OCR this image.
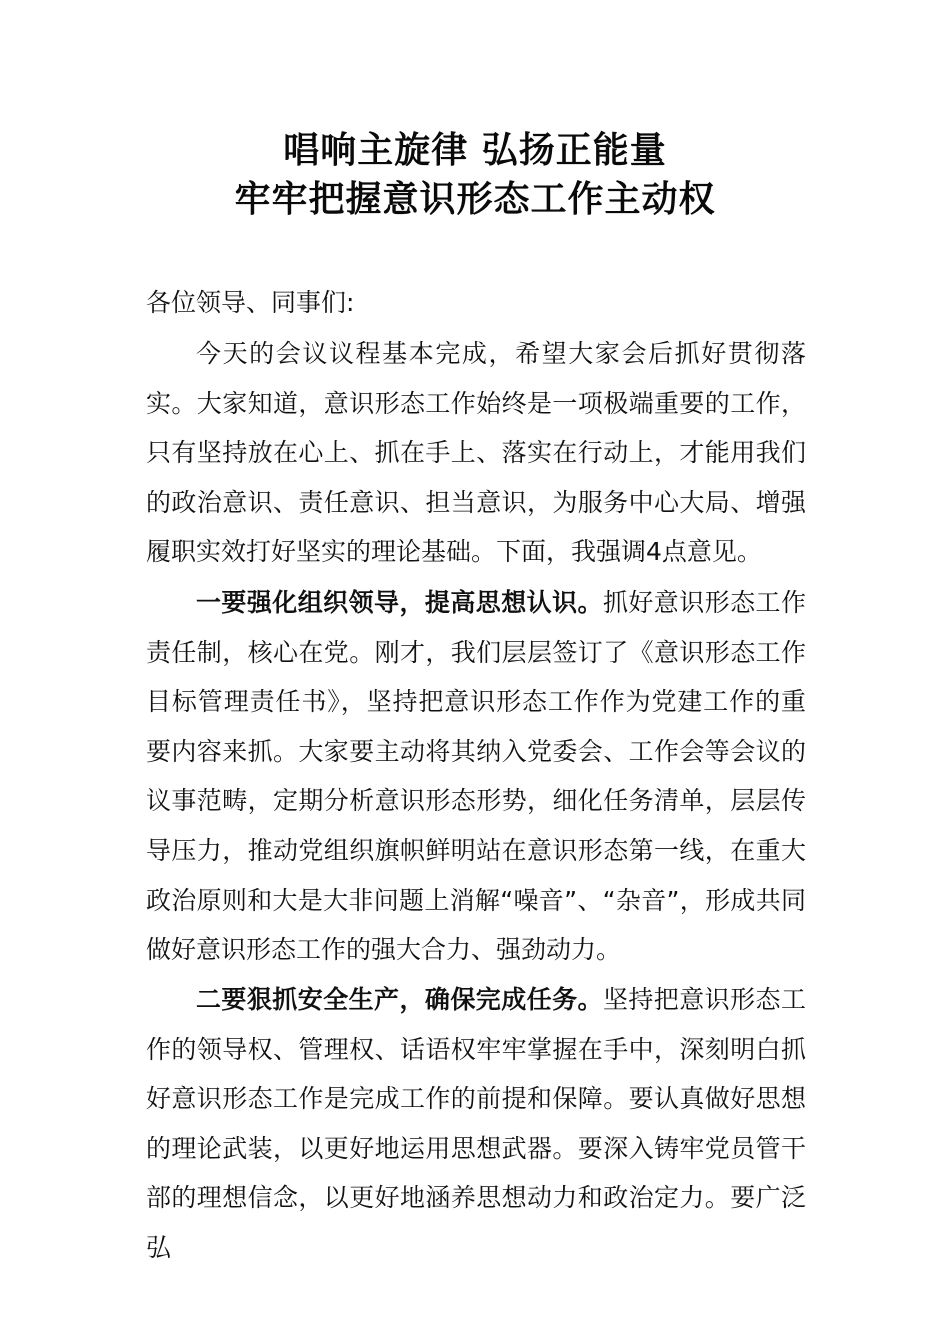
唱响主旋律 弘扬正能量
牢牢把握意识形态工作主动权
各位领导、同事们:
今天的会议议程基本完成，希望大家会后抓好贯彻落实。大家知道，意识形态工作始终是一项极端重要的工作，只有坚持放在心上、抓在手上、落实在行动上，才能用我们的政治意识、责任意识、担当意识，为服务中心大局、增强履职实效打好坚实的理论基础。下面，我强调4点意见。
一要强化组织领导，提高思想认识。抓好意识形态工作责任制，核心在党。刚才，我们层层签订了《意识形态工作目标管理责任书》，坚持把意识形态工作作为党建工作的重要内容来抓。大家要主动将其纳入党委会、工作会等会议的议事范畴，定期分析意识形态形势，细化任务清单，层层传导压力，推动党组织旗帜鲜明站在意识形态第一线，在重大政治原则和大是大非问题上消解“噪音”、“杂音”，形成共同做好意识形态工作的强大合力、强劲动力。
二要狠抓安全生产，确保完成任务。坚持把意识形态工作的领导权、管理权、话语权牢牢掌握在手中，深刻明白抓好意识形态工作是完成工作的前提和保障。要认真做好思想的理论武装，以更好地运用思想武器。要深入铸牢党员管干部的理想信念，以更好地涵养思想动力和政治定力。要广泛弘
